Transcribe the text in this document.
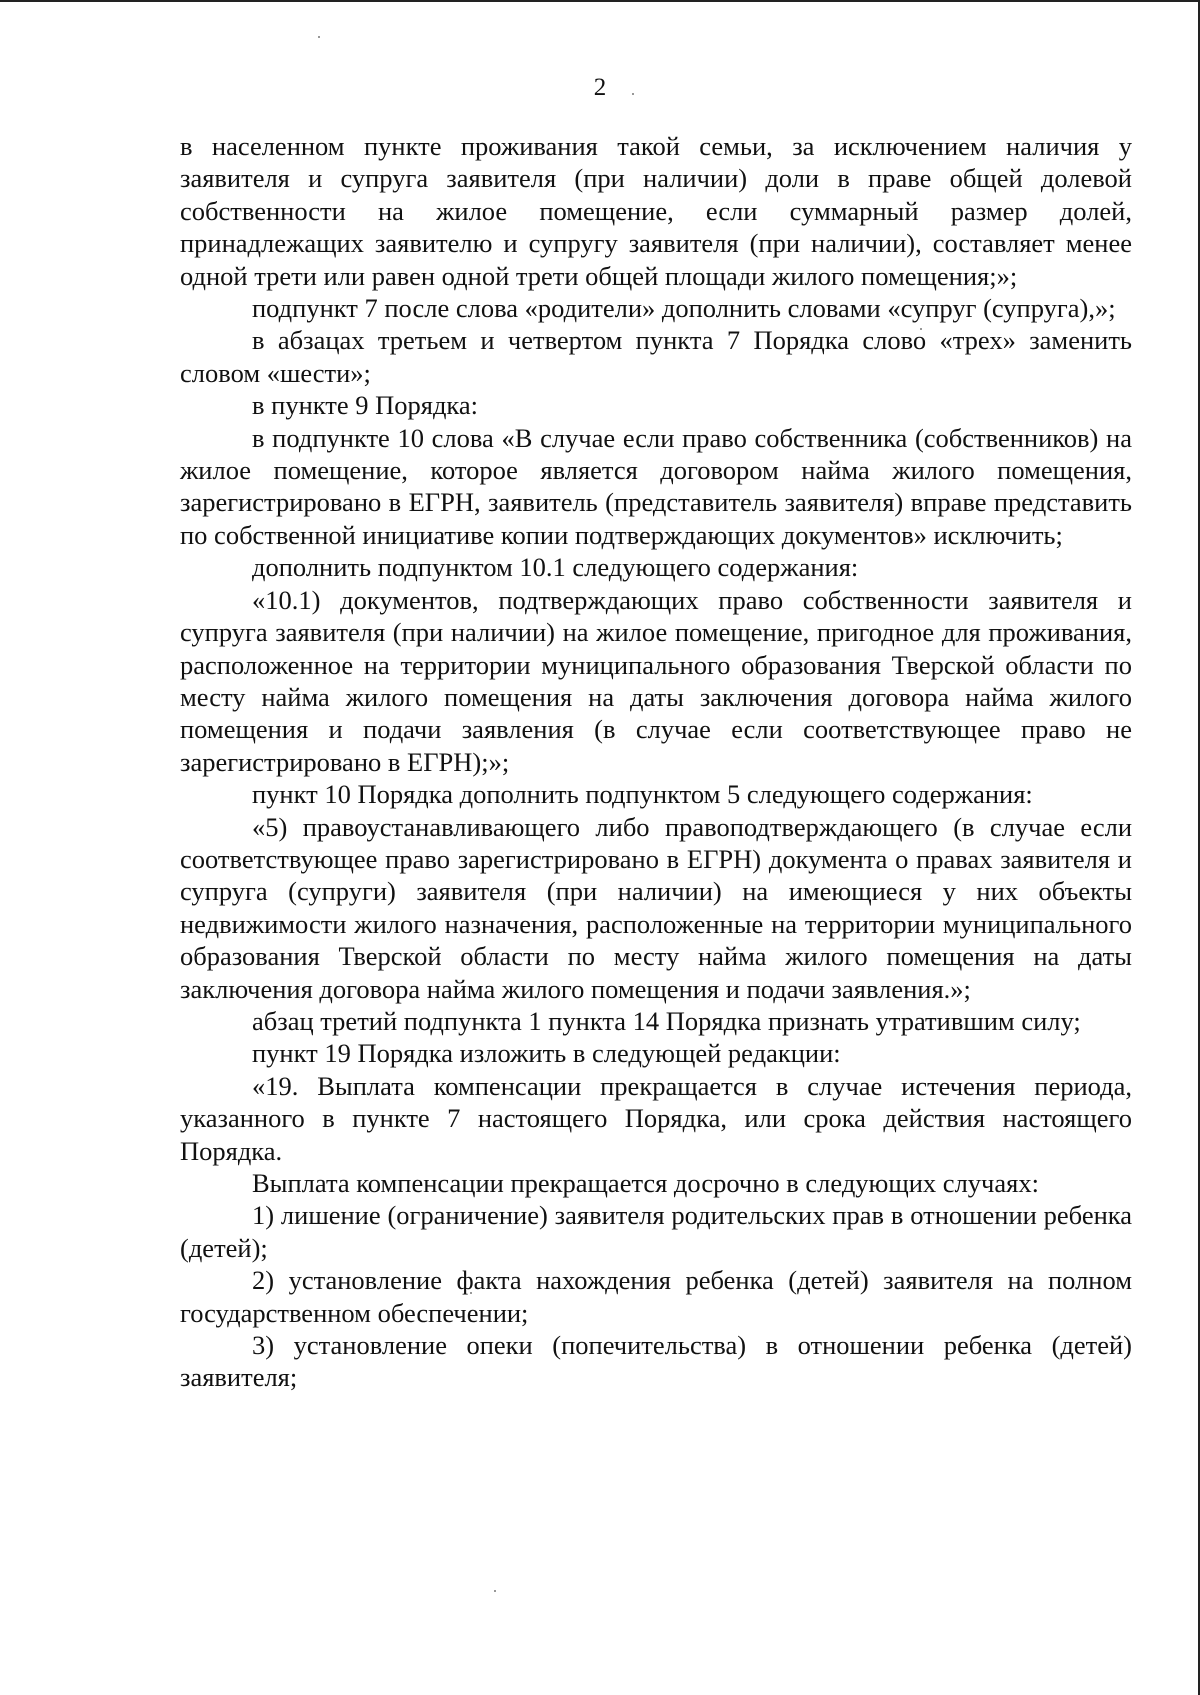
2

в населенном пункте проживания такой семьи, за исключением наличия у заявителя и супруга заявителя (при наличии) доли в праве общей долевой собственности на жилое помещение, если суммарный размер долей, принадлежащих заявителю и супругу заявителя (при наличии), составляет менее одной трети или равен одной трети общей площади жилого помещения;»;

подпункт 7 после слова «родители» дополнить словами «супруг (супруга),»;

в абзацах третьем и четвертом пункта 7 Порядка слово «трех» заменить словом «шести»;

в пункте 9 Порядка:

в подпункте 10 слова «В случае если право собственника (собственников) на жилое помещение, которое является договором найма жилого помещения, зарегистрировано в ЕГРН, заявитель (представитель заявителя) вправе представить по собственной инициативе копии подтверждающих документов» исключить;

дополнить подпунктом 10.1 следующего содержания:

«10.1) документов, подтверждающих право собственности заявителя и супруга заявителя (при наличии) на жилое помещение, пригодное для проживания, расположенное на территории муниципального образования Тверской области по месту найма жилого помещения на даты заключения договора найма жилого помещения и подачи заявления (в случае если соответствующее право не зарегистрировано в ЕГРН);»;

пункт 10 Порядка дополнить подпунктом 5 следующего содержания:

«5) правоустанавливающего либо правоподтверждающего (в случае если соответствующее право зарегистрировано в ЕГРН) документа о правах заявителя и супруга (супруги) заявителя (при наличии) на имеющиеся у них объекты недвижимости жилого назначения, расположенные на территории муниципального образования Тверской области по месту найма жилого помещения на даты заключения договора найма жилого помещения и подачи заявления.»;

абзац третий подпункта 1 пункта 14 Порядка признать утратившим силу;

пункт 19 Порядка изложить в следующей редакции:

«19. Выплата компенсации прекращается в случае истечения периода, указанного в пункте 7 настоящего Порядка, или срока действия настоящего Порядка.

Выплата компенсации прекращается досрочно в следующих случаях:

1) лишение (ограничение) заявителя родительских прав в отношении ребенка (детей);

2) установление факта нахождения ребенка (детей) заявителя на полном государственном обеспечении;

3) установление опеки (попечительства) в отношении ребенка (детей) заявителя;
